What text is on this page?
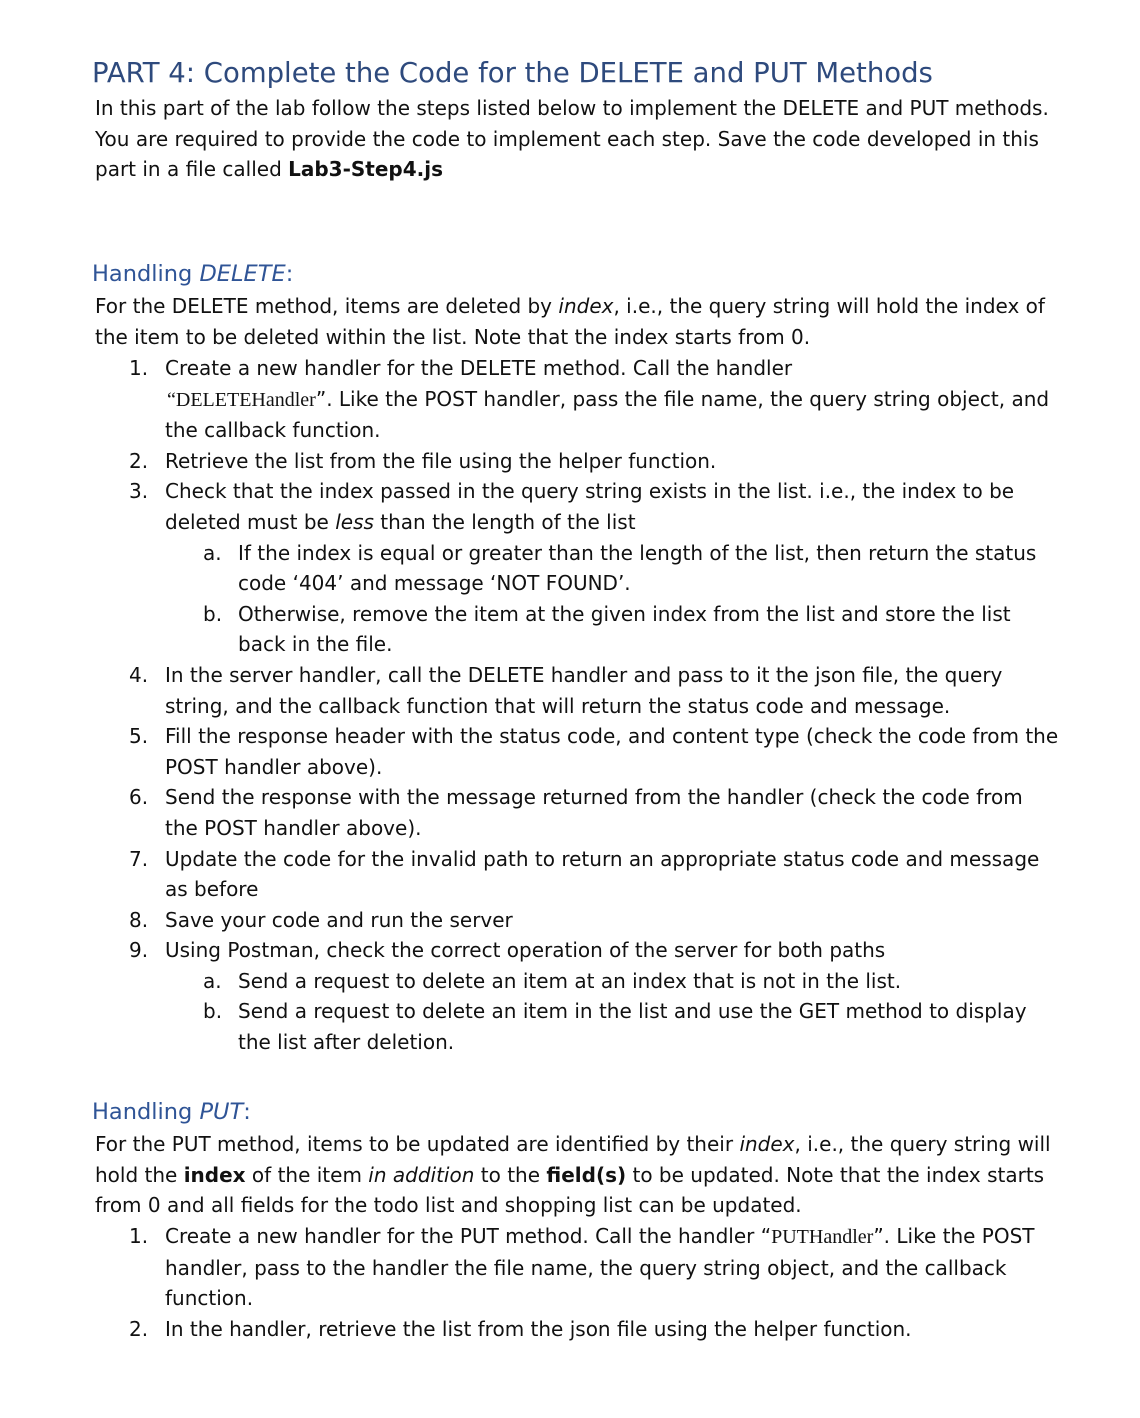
PART 4: Complete the Code for the DELETE and PUT Methods

In this part of the lab follow the steps listed below to implement the DELETE and PUT methods.
You are required to provide the code to implement each step. Save the code developed in this
part in a file called Lab3-Step4.js

Handling DELETE:

For the DELETE method, items are deleted by index, i.e., the query string will hold the index of
the item to be deleted within the list. Note that the index starts from 0.

1. Create a new handler for the DELETE method. Call the handler
“DELETEHandler”. Like the POST handler, pass the file name, the query string object, and
the callback function.
2. Retrieve the list from the file using the helper function.
3. Check that the index passed in the query string exists in the list. i.e., the index to be
deleted must be less than the length of the list
a. If the index is equal or greater than the length of the list, then return the status
code ‘404’ and message ‘NOT FOUND’.
b. Otherwise, remove the item at the given index from the list and store the list
back in the file.
4. In the server handler, call the DELETE handler and pass to it the json file, the query
string, and the callback function that will return the status code and message.
5. Fill the response header with the status code, and content type (check the code from the
POST handler above).
6. Send the response with the message returned from the handler (check the code from
the POST handler above).
7. Update the code for the invalid path to return an appropriate status code and message
as before
8. Save your code and run the server
9. Using Postman, check the correct operation of the server for both paths
a. Send a request to delete an item at an index that is not in the list.
b. Send a request to delete an item in the list and use the GET method to display
the list after deletion.
Handling PUT:

For the PUT method, items to be updated are identified by their index, i.e., the query string will
hold the index of the item in addition to the field(s) to be updated. Note that the index starts
from 0 and all fields for the todo list and shopping list can be updated.

1. Create a new handler for the PUT method. Call the handler “PUTHandler”. Like the POST
handler, pass to the handler the file name, the query string object, and the callback
function.
2. In the handler, retrieve the list from the json file using the helper function.
